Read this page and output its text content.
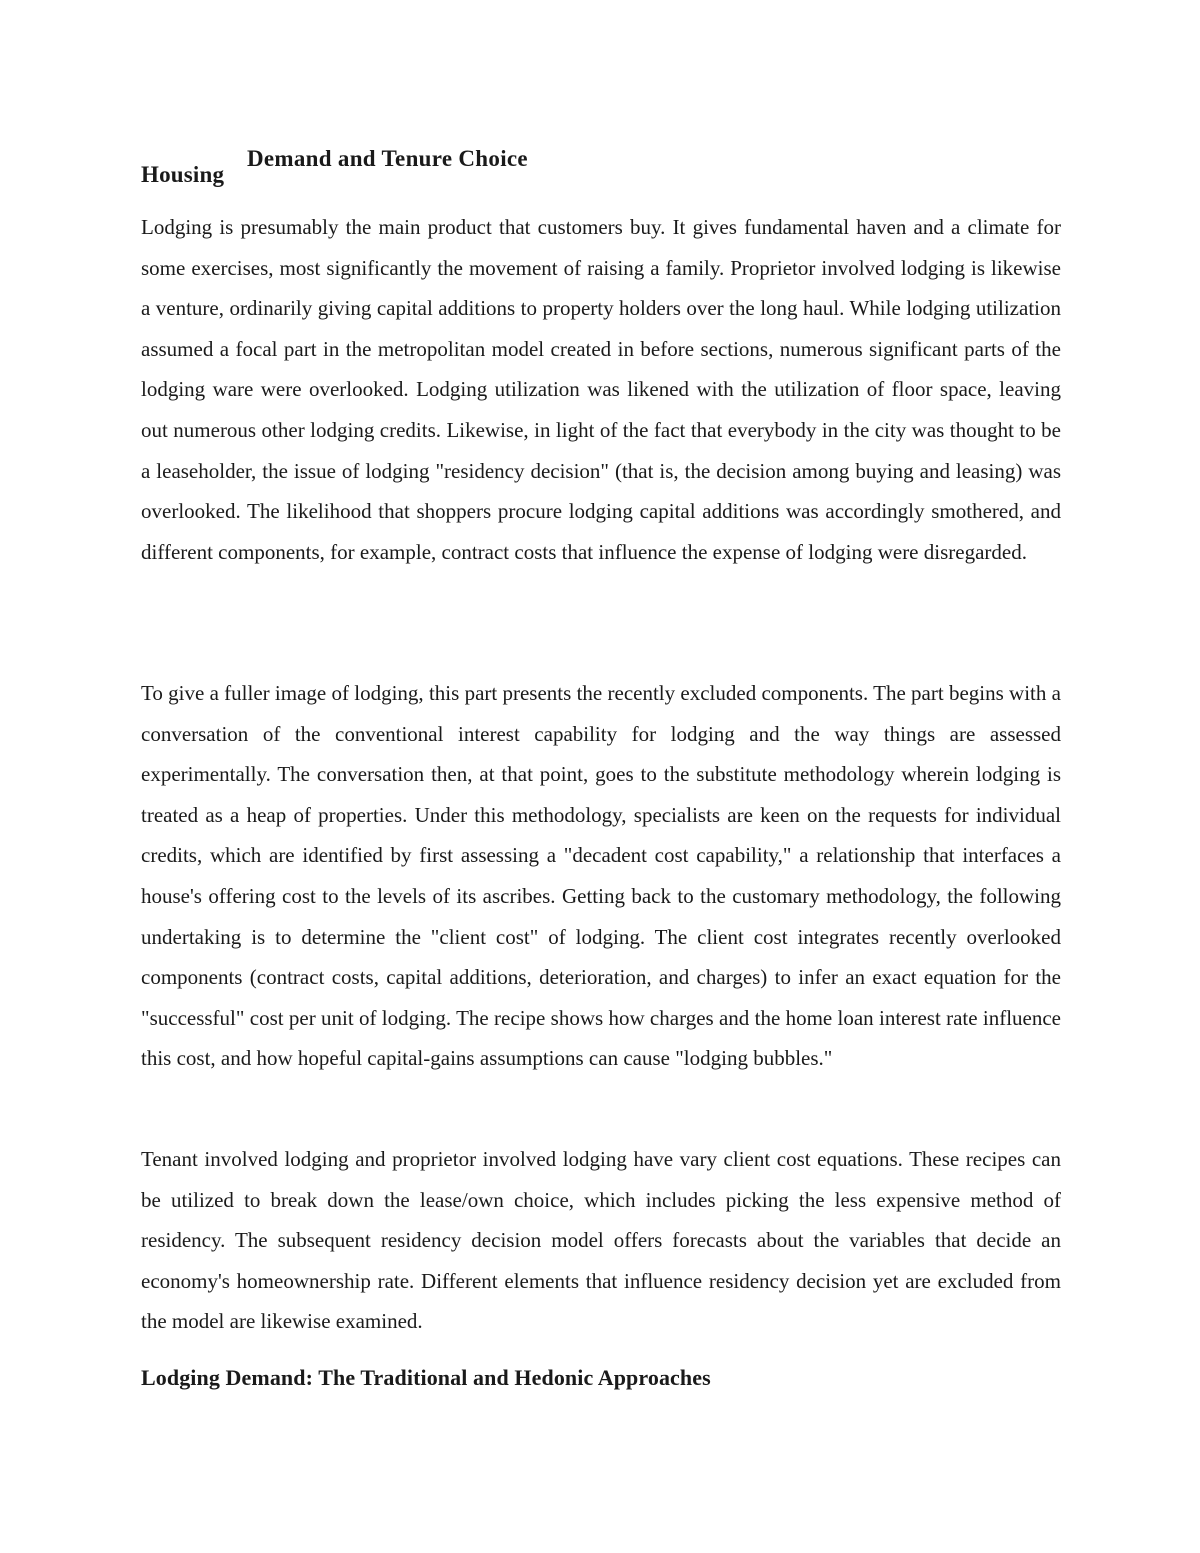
Housing
Demand and Tenure Choice

Lodging is presumably the main product that customers buy. It gives fundamental haven and a climate for some exercises, most significantly the movement of raising a family. Proprietor involved lodging is likewise a venture, ordinarily giving capital additions to property holders over the long haul. While lodging utilization assumed a focal part in the metropolitan model created in before sections, numerous significant parts of the lodging ware were overlooked. Lodging utilization was likened with the utilization of floor space, leaving out numerous other lodging credits. Likewise, in light of the fact that everybody in the city was thought to be a leaseholder, the issue of lodging "residency decision" (that is, the decision among buying and leasing) was overlooked. The likelihood that shoppers procure lodging capital additions was accordingly smothered, and different components, for example, contract costs that influence the expense of lodging were disregarded.

To give a fuller image of lodging, this part presents the recently excluded components. The part begins with a conversation of the conventional interest capability for lodging and the way things are assessed experimentally. The conversation then, at that point, goes to the substitute methodology wherein lodging is treated as a heap of properties. Under this methodology, specialists are keen on the requests for individual credits, which are identified by first assessing a "decadent cost capability," a relationship that interfaces a house's offering cost to the levels of its ascribes. Getting back to the customary methodology, the following undertaking is to determine the "client cost" of lodging. The client cost integrates recently overlooked components (contract costs, capital additions, deterioration, and charges) to infer an exact equation for the "successful" cost per unit of lodging. The recipe shows how charges and the home loan interest rate influence this cost, and how hopeful capital-gains assumptions can cause "lodging bubbles."

Tenant involved lodging and proprietor involved lodging have vary client cost equations. These recipes can be utilized to break down the lease/own choice, which includes picking the less expensive method of residency. The subsequent residency decision model offers forecasts about the variables that decide an economy's homeownership rate. Different elements that influence residency decision yet are excluded from the model are likewise examined.

Lodging Demand: The Traditional and Hedonic Approaches
